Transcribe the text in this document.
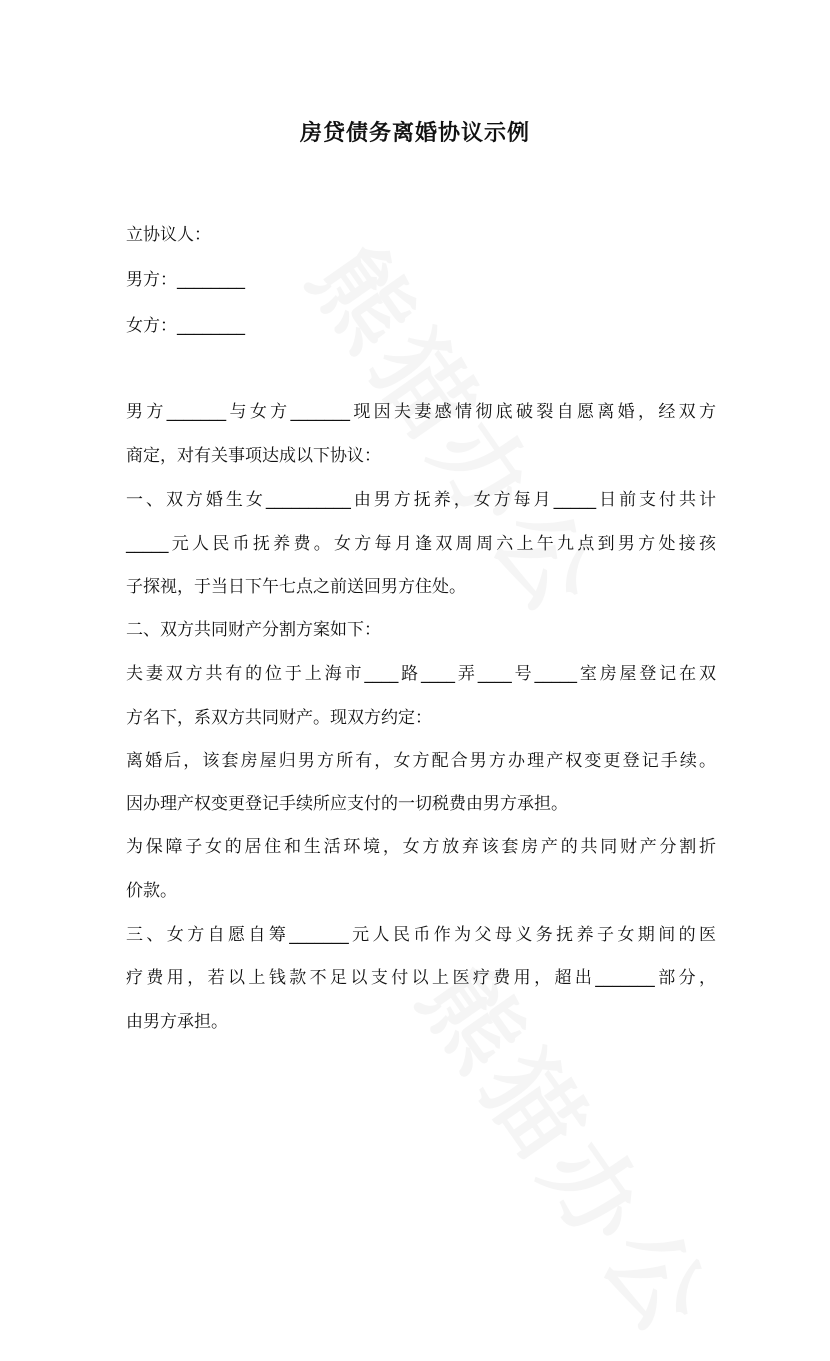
房贷债务离婚协议示例
立协议人：
男方：________
女方：________
男方_______与女方_______现因夫妻感情彻底破裂自愿离婚，经双方
商定，对有关事项达成以下协议：
一、双方婚生女__________由男方抚养，女方每月_____日前支付共计
_____元人民币抚养费。女方每月逢双周周六上午九点到男方处接孩
子探视，于当日下午七点之前送回男方住处。
二、双方共同财产分割方案如下：
夫妻双方共有的位于上海市____路____弄____号_____室房屋登记在双
方名下，系双方共同财产。现双方约定：
离婚后，该套房屋归男方所有，女方配合男方办理产权变更登记手续。
因办理产权变更登记手续所应支付的一切税费由男方承担。
为保障子女的居住和生活环境，女方放弃该套房产的共同财产分割折
价款。
三、女方自愿自筹_______元人民币作为父母义务抚养子女期间的医
疗费用，若以上钱款不足以支付以上医疗费用，超出_______部分，
由男方承担。
